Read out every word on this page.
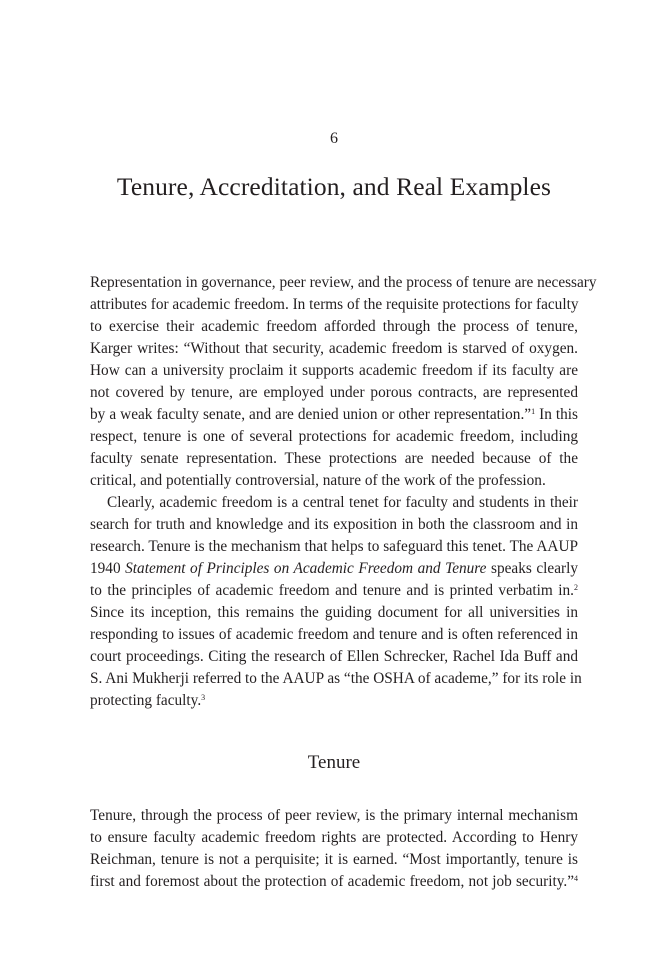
6
Tenure, Accreditation, and Real Examples
Representation in governance, peer review, and the process of tenure are necessary
attributes for academic freedom. In terms of the requisite protections for faculty
to exercise their academic freedom afforded through the process of tenure,
Karger writes: “Without that security, academic freedom is starved of oxygen.
How can a university proclaim it supports academic freedom if its faculty are
not covered by tenure, are employed under porous contracts, are represented
by a weak faculty senate, and are denied union or other representation.”$^1$ In this
respect, tenure is one of several protections for academic freedom, including
faculty senate representation. These protections are needed because of the
critical, and potentially controversial, nature of the work of the profession.
Clearly, academic freedom is a central tenet for faculty and students in their
search for truth and knowledge and its exposition in both the classroom and in
research. Tenure is the mechanism that helps to safeguard this tenet. The AAUP
1940 Statement of Principles on Academic Freedom and Tenure speaks clearly
to the principles of academic freedom and tenure and is printed verbatim in.$^2$
Since its inception, this remains the guiding document for all universities in
responding to issues of academic freedom and tenure and is often referenced in
court proceedings. Citing the research of Ellen Schrecker, Rachel Ida Buff and
S. Ani Mukherji referred to the AAUP as “the OSHA of academe,” for its role in
protecting faculty.$^3$
Tenure
Tenure, through the process of peer review, is the primary internal mechanism
to ensure faculty academic freedom rights are protected. According to Henry
Reichman, tenure is not a perquisite; it is earned. “Most importantly, tenure is
first and foremost about the protection of academic freedom, not job security.”$^4$
